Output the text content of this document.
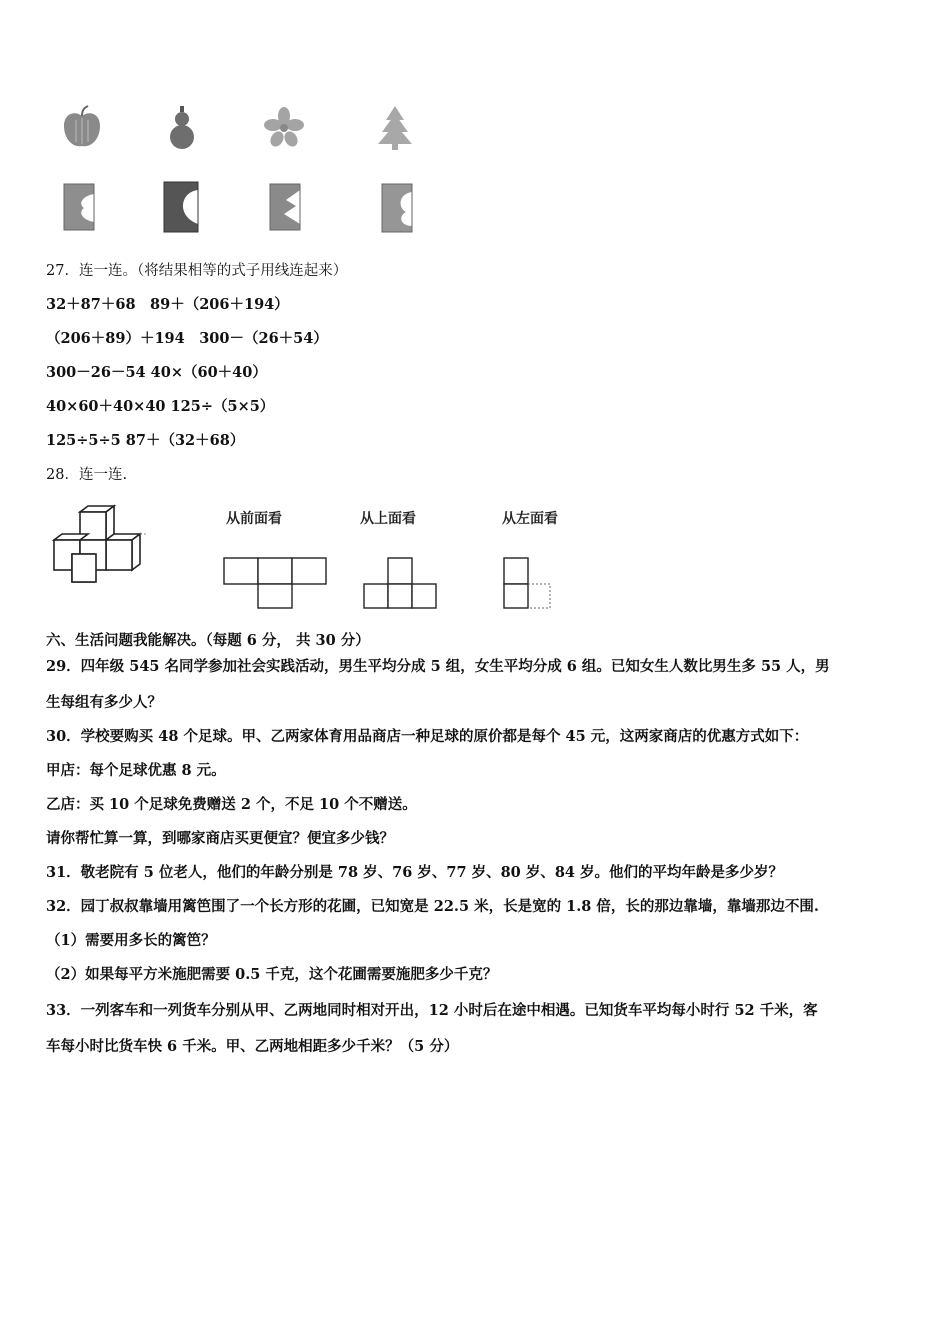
27．连一连。（将结果相等的式子用线连起来）
32＋87＋68　89＋（206＋194）
（206＋89）＋194　300－（26＋54）
300－26－54 40×（60＋40）
40×60＋40×40 125÷（5×5）
125÷5÷5 87＋（32＋68）
28．连一连.
从前面看	从上面看	从左面看
六、生活问题我能解决。（每题 6 分， 共 30 分）
29．四年级 545 名同学参加社会实践活动，男生平均分成 5 组，女生平均分成 6 组。已知女生人数比男生多 55 人，男
生每组有多少人？
30．学校要购买 48 个足球。甲、乙两家体育用品商店一种足球的原价都是每个 45 元，这两家商店的优惠方式如下：
甲店：每个足球优惠 8 元。
乙店：买 10 个足球免费赠送 2 个，不足 10 个不赠送。
请你帮忙算一算，到哪家商店买更便宜？便宜多少钱？
31．敬老院有 5 位老人，他们的年龄分别是 78 岁、76 岁、77 岁、80 岁、84 岁。他们的平均年龄是多少岁？
32．园丁叔叔靠墙用篱笆围了一个长方形的花圃，已知宽是 22.5 米，长是宽的 1.8 倍，长的那边靠墙，靠墙那边不围.
（1）需要用多长的篱笆？
（2）如果每平方米施肥需要 0.5 千克，这个花圃需要施肥多少千克？
33．一列客车和一列货车分别从甲、乙两地同时相对开出，12 小时后在途中相遇。已知货车平均每小时行 52 千米，客
车每小时比货车快 6 千米。甲、乙两地相距多少千米？（5 分）
